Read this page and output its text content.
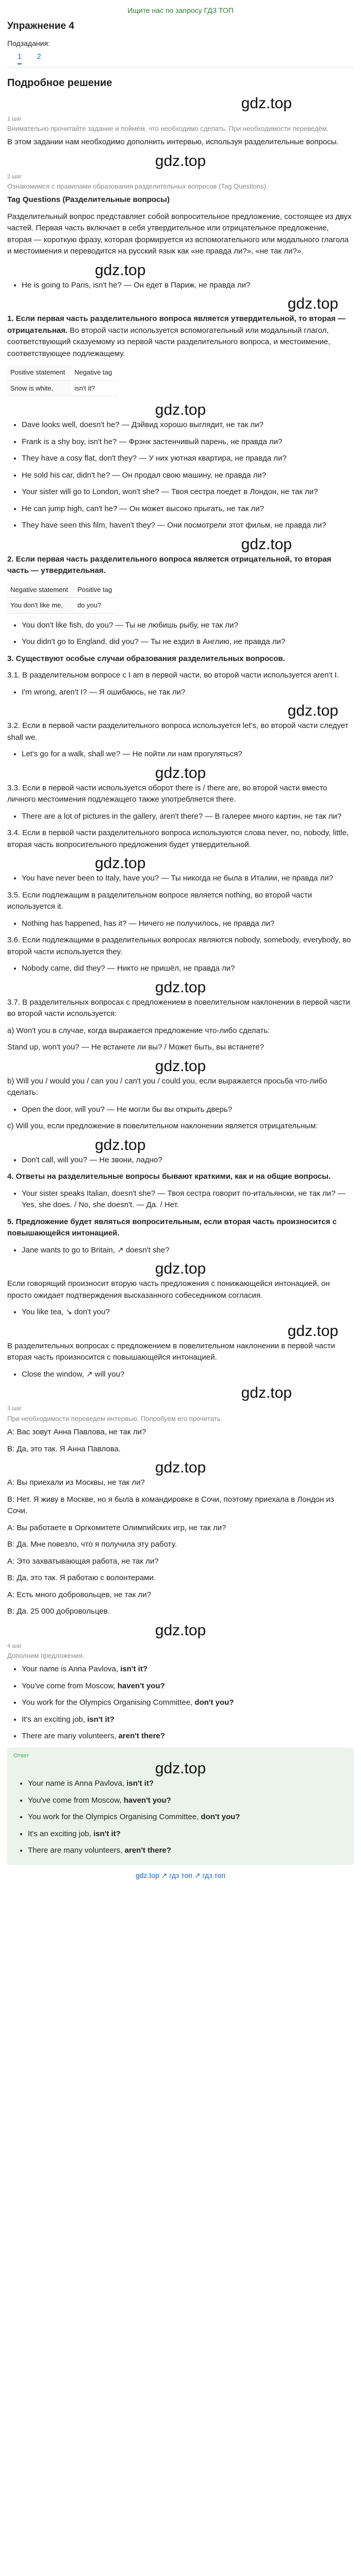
Ищите нас по запросу ГДЗ ТОП
Упражнение 4
Подзадания:
1 2
Подробное решение
gdz.top
1 шаг
Внимательно прочитайте задание и поймём, что необходимо сделать. При необходимости переведём.

В этом задании нам необходимо дополнить интервью, используя разделительные вопросы.

gdz.top
2 шаг
Ознакомимся с правилами образования разделительных вопросов (Tag Questions).

Tag Questions (Разделительные вопросы)

Разделительный вопрос представляет собой вопросительное предложение, состоящее из двух частей. Первая часть включает в себя утвердительное или отрицательное предложение, вторая — короткую фразу, которая формируется из вспомогательного или модального глагола и местоимения и переводится на русский язык как «не правда ли?», «не так ли?».

gdz.top
• He is going to Paris, isn't he? — Он едет в Париж, не правда ли?
gdz.top

1. Если первая часть разделительного вопроса является утвердительной, то вторая — отрицательная. Во второй части используется вспомогательный или модальный глагол, соответствующий сказуемому из первой части разделительного вопроса, и местоимение, соответствующее подлежащему.

Positive statement	Negative tag
Snow is white,	isn't it?
gdz.top
• Dave looks well, doesn't he? — Дэйвид хорошо выглядит, не так ли?
• Frank is a shy boy, isn't he? — Фрэнк застенчивый парень, не правда ли?
• They have a cosy flat, don't they? — У них уютная квартира, не правда ли?
• He sold his car, didn't he? — Он продал свою машину, не правда ли?
• Your sister will go to London, won't she? — Твоя сестра поедет в Лондон, не так ли?
• He can jump high, can't he? — Он может высоко прыгать, не так ли?
• They have seen this film, haven't they? — Они посмотрели этот фильм, не правда ли?
gdz.top

2. Если первая часть разделительного вопроса является отрицательной, то вторая часть — утвердительная.

Negative statement	Positive tag
You don't like me,	do you?
• You don't like fish, do you? — Ты не любишь рыбу, не так ли?
• You didn't go to England, did you? — Ты не ездил в Англию, не правда ли?

3. Существуют особые случаи образования разделительных вопросов.

3.1. В разделительном вопросе с I am в первой части, во второй части используется aren't I.

• I'm wrong, aren't I? — Я ошибаюсь, не так ли?
gdz.top

3.2. Если в первой части разделительного вопроса используется let's, во второй части следует shall we.

• Let's go for a walk, shall we? — Не пойти ли нам прогуляться?
gdz.top

3.3. Если в первой части используется оборот there is / there are, во второй части вместо личного местоимения подлежащего также употребляется there.

• There are a lot of pictures in the gallery, aren't there? — В галерее много картин, не так ли?

3.4. Если в первой части разделительного вопроса используются слова never, no, nobody, little, вторая часть вопросительного предложения будет утвердительной.

gdz.top
• You have never been to Italy, have you? — Ты никогда не была в Италии, не правда ли?

3.5. Если подлежащим в разделительном вопросе является nothing, во второй части используется it.

• Nothing has happened, has it? — Ничего не получилось, не правда ли?

3.6. Если подлежащими в разделительных вопросах являются nobody, somebody, everybody, во второй части используется they.

• Nobody came, did they? — Никто не пришёл, не правда ли?
gdz.top

3.7. В разделительных вопросах с предложением в повелительном наклонении в первой части во второй части используется:

а) Won't you в случае, когда выражается предложение что-либо сделать:

Stand up, won't you? — Не встанете ли вы? / Может быть, вы встанете?

gdz.top

b) Will you / would you / can you / can't you / could you, если выражается просьба что-либо сделать:

• Open the door, will you? — Не могли бы вы открыть дверь?

с) Will you, если предложение в повелительном наклонении является отрицательным:

gdz.top
• Don't call, will you? — Не звони, ладно?

4. Ответы на разделительные вопросы бывают краткими, как и на общие вопросы.

• Your sister speaks Italian, doesn't she? — Твоя сестра говорит по-итальянски, не так ли? — Yes, she does. / No, she doesn't. — Да. / Нет.

5. Предложение будет являться вопросительным, если вторая часть произносится с повышающейся интонацией.

• Jane wants to go to Britain, ↗ doesn't she?
gdz.top

Если говорящий произносит вторую часть предложения с понижающейся интонацией, он просто ожидает подтверждения высказанного собеседником согласия.

• You like tea, ↘ don't you?
gdz.top

В разделительных вопросах с предложением в повелительном наклонении в первой части вторая часть произносится с повышающейся интонацией.

• Close the window, ↗ will you?
gdz.top
3 шаг
При необходимости переведем интервью. Попробуем его прочитать.

A: Вас зовут Анна Павлова, не так ли?

B: Да, это так. Я Анна Павлова.

gdz.top

A: Вы приехали из Москвы, не так ли?

B: Нет. Я живу в Москве, но я была в командировке в Сочи, поэтому приехала в Лондон из Сочи.

A: Вы работаете в Оргкомитете Олимпийских игр, не так ли?

B: Да. Мне повезло, что я получила эту работу.

A: Это захватывающая работа, не так ли?

B: Да, это так. Я работаю с волонтерами.

A: Есть много добровольцев, не так ли?

B: Да. 25 000 добровольцев.

gdz.top
4 шаг
Дополним предложения.
• Your name is Anna Pavlova, isn't it?
• You've come from Moscow, haven't you?
• You work for the Olympics Organising Committee, don't you?
• It's an exciting job, isn't it?
• There are many volunteers, aren't there?
Ответ
gdz.top
• Your name is Anna Pavlova, isn't it?
• You've come from Moscow, haven't you?
• You work for the Olympics Organising Committee, don't you?
• It's an exciting job, isn't it?
• There are many volunteers, aren't there?
gdz.top ↗ гдз топ ↗ гдз.топ
